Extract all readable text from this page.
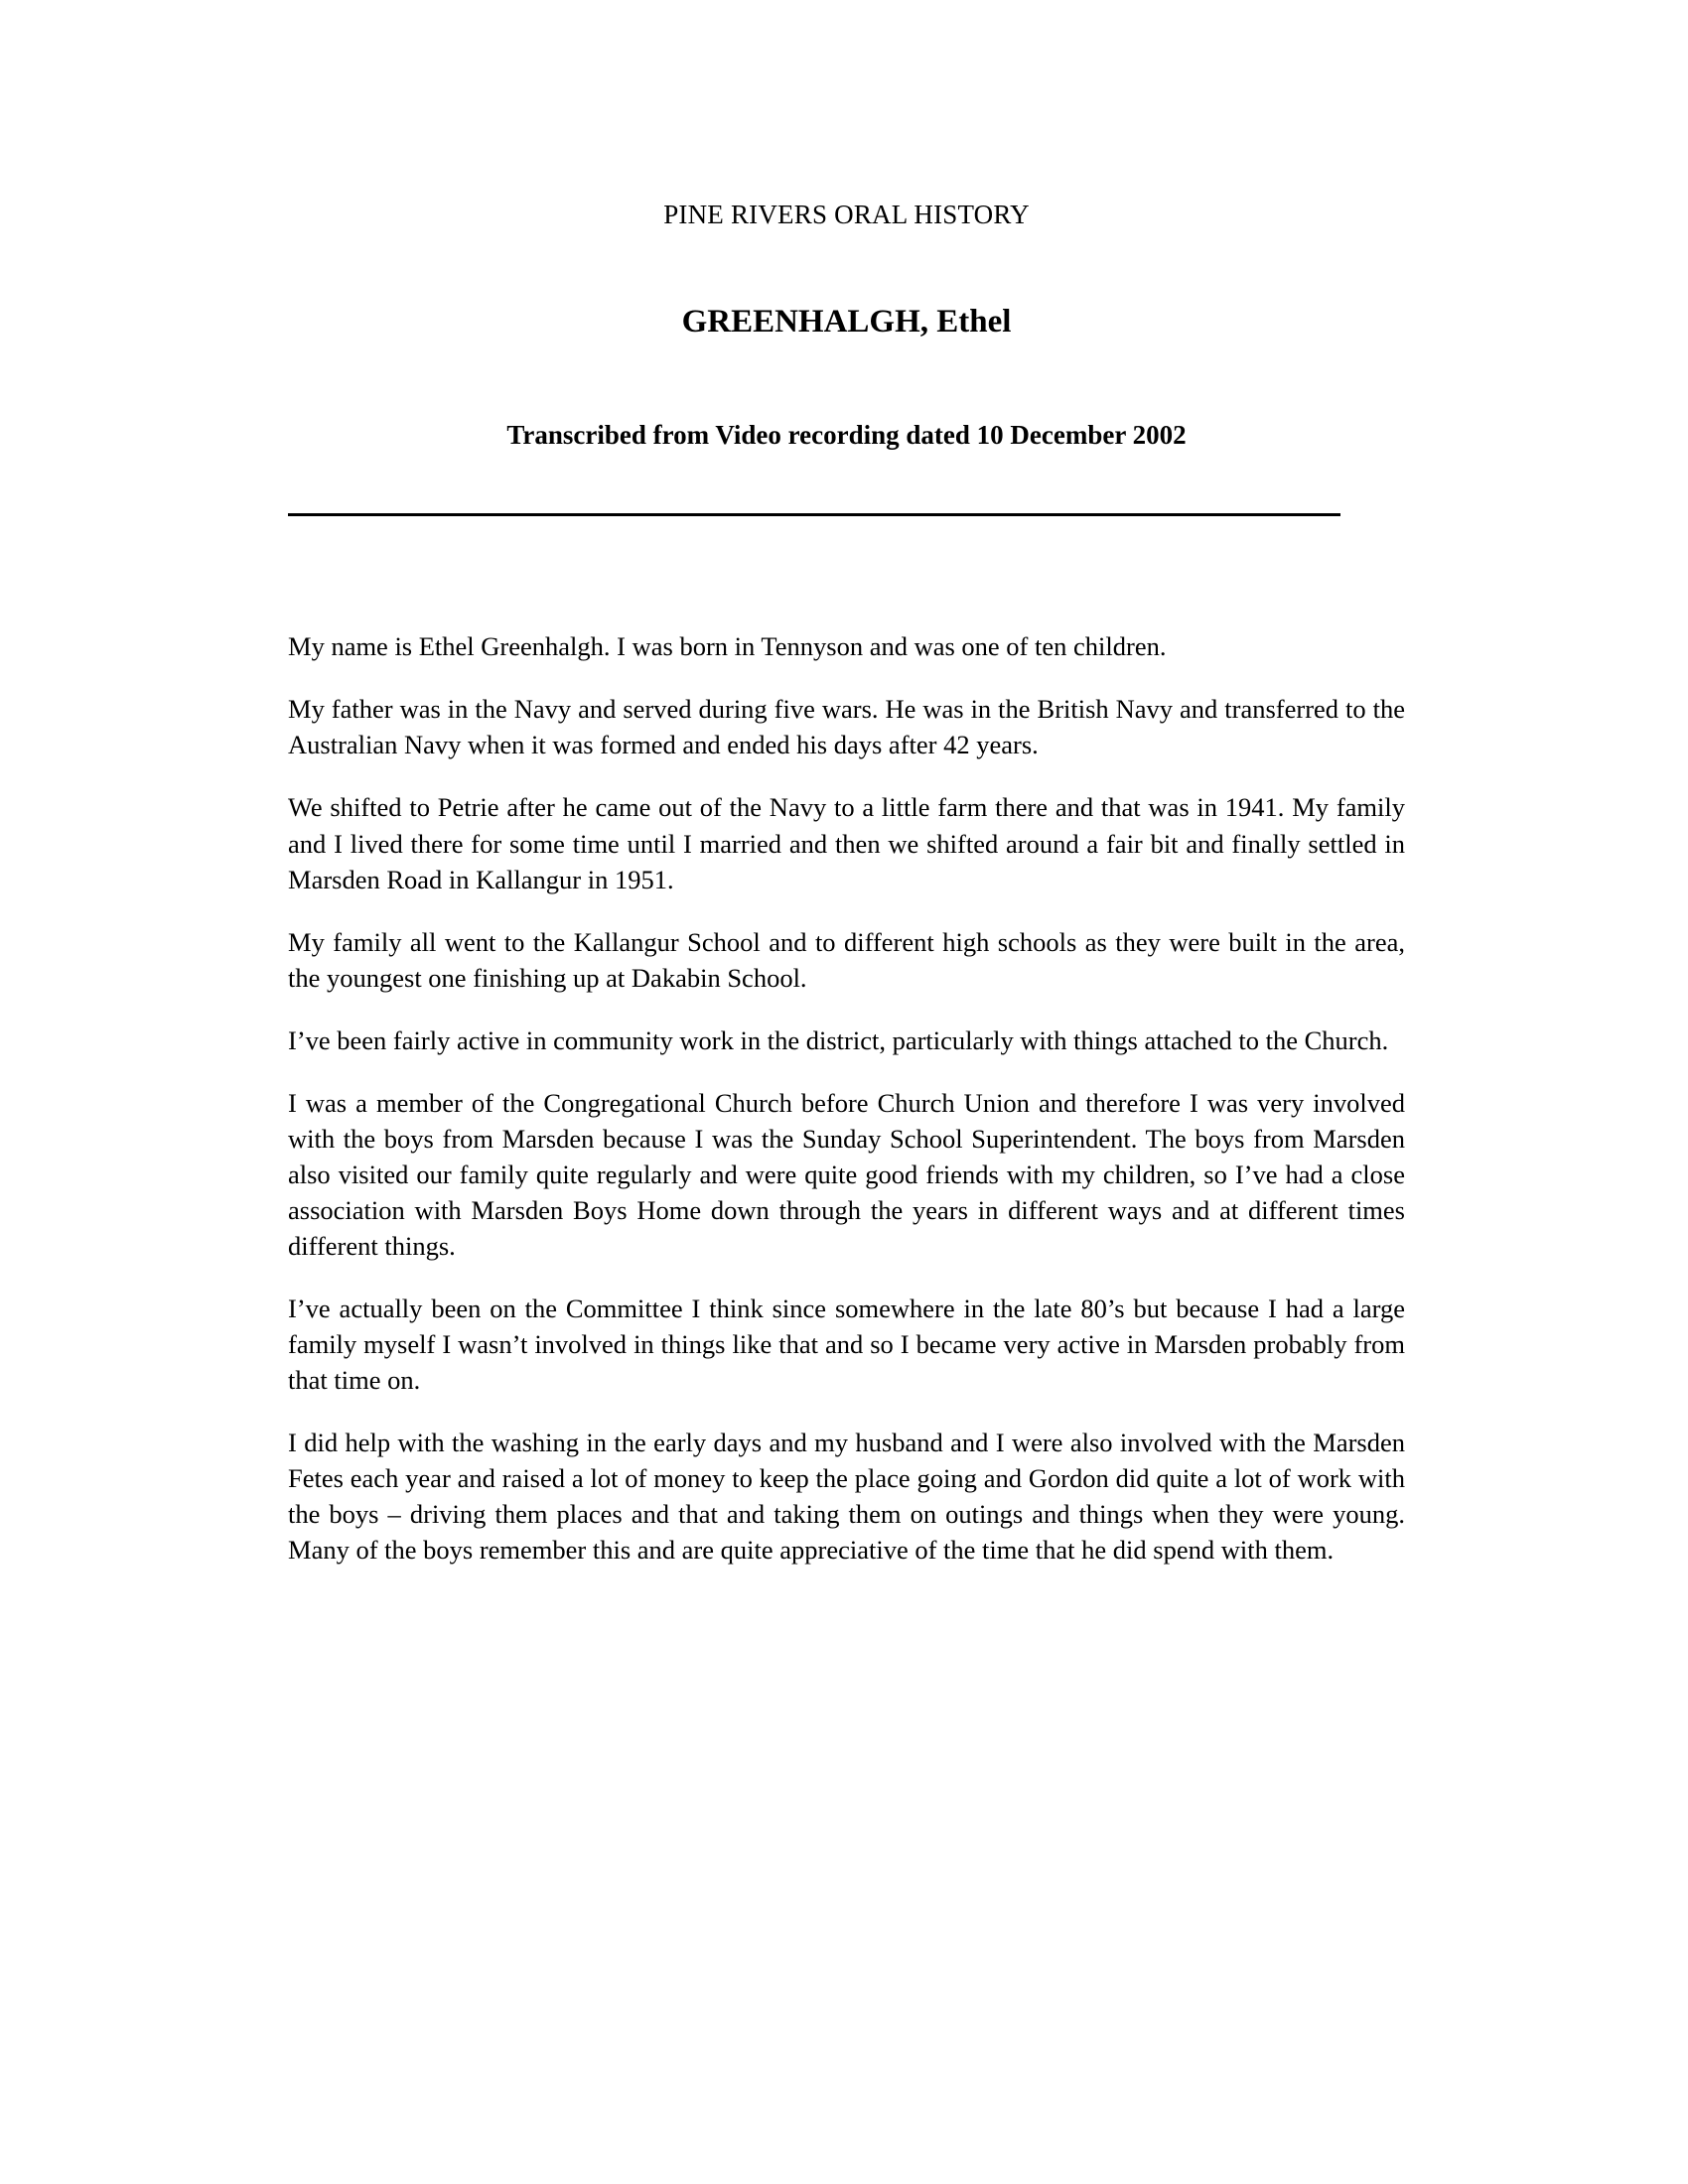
PINE RIVERS ORAL HISTORY
GREENHALGH, Ethel
Transcribed from Video recording dated 10 December 2002

My name is Ethel Greenhalgh. I was born in Tennyson and was one of ten children.

My father was in the Navy and served during five wars. He was in the British Navy and transferred to the Australian Navy when it was formed and ended his days after 42 years.

We shifted to Petrie after he came out of the Navy to a little farm there and that was in 1941. My family and I lived there for some time until I married and then we shifted around a fair bit and finally settled in Marsden Road in Kallangur in 1951.

My family all went to the Kallangur School and to different high schools as they were built in the area, the youngest one finishing up at Dakabin School.

I’ve been fairly active in community work in the district, particularly with things attached to the Church.

I was a member of the Congregational Church before Church Union and therefore I was very involved with the boys from Marsden because I was the Sunday School Superintendent. The boys from Marsden also visited our family quite regularly and were quite good friends with my children, so I’ve had a close association with Marsden Boys Home down through the years in different ways and at different times different things.

I’ve actually been on the Committee I think since somewhere in the late 80’s but because I had a large family myself I wasn’t involved in things like that and so I became very active in Marsden probably from that time on.

I did help with the washing in the early days and my husband and I were also involved with the Marsden Fetes each year and raised a lot of money to keep the place going and Gordon did quite a lot of work with the boys – driving them places and that and taking them on outings and things when they were young. Many of the boys remember this and are quite appreciative of the time that he did spend with them.
